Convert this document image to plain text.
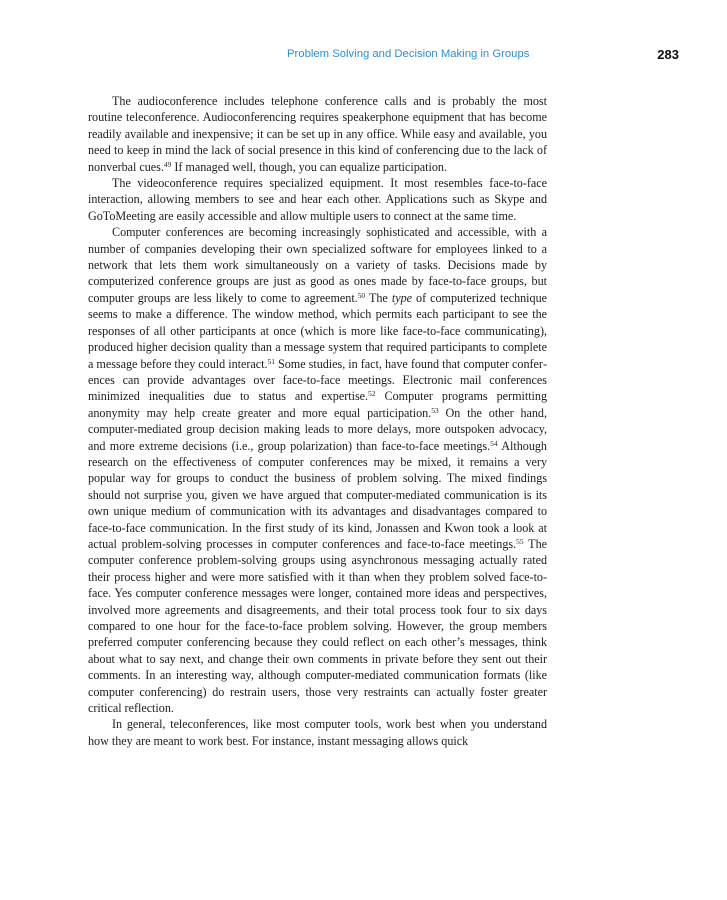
Problem Solving and Decision Making in Groups	283

The audioconference includes telephone conference calls and is probably the most routine teleconference. Audioconferencing requires speakerphone equipment that has become readily available and inexpensive; it can be set up in any office. While easy and available, you need to keep in mind the lack of social presence in this kind of conferencing due to the lack of nonverbal cues.$^{49}$ If managed well, though, you can equalize participation.

The videoconference requires specialized equipment. It most resembles face-to-face interaction, allowing members to see and hear each other. Applications such as Skype and GoToMeeting are easily accessible and allow multiple users to connect at the same time.

Computer conferences are becoming increasingly sophisticated and accessible, with a number of companies developing their own specialized software for employees linked to a network that lets them work simultaneously on a variety of tasks. Decisions made by computerized conference groups are just as good as ones made by face-to-face groups, but computer groups are less likely to come to agreement.$^{50}$ The type of computerized technique seems to make a difference. The window method, which permits each participant to see the responses of all other participants at once (which is more like face-to-face communicating), produced higher decision quality than a message system that required participants to complete a message before they could interact.$^{51}$ Some studies, in fact, have found that computer conferences can provide advantages over face-to-face meetings. Electronic mail conferences minimized inequalities due to status and expertise.$^{52}$ Computer programs permitting anonymity may help create greater and more equal participation.$^{53}$ On the other hand, computer-mediated group decision making leads to more delays, more outspoken advocacy, and more extreme decisions (i.e., group polarization) than face-to-face meetings.$^{54}$ Although research on the effectiveness of computer conferences may be mixed, it remains a very popular way for groups to conduct the business of problem solving. The mixed findings should not surprise you, given we have argued that computer-mediated communication is its own unique medium of communication with its advantages and disadvantages compared to face-to-face communication. In the first study of its kind, Jonassen and Kwon took a look at actual problem-solving processes in computer conferences and face-to-face meetings.$^{55}$ The computer conference problem-solving groups using asynchronous messaging actually rated their process higher and were more satisfied with it than when they problem solved face-to-face. Yes computer conference messages were longer, contained more ideas and perspectives, involved more agreements and disagreements, and their total process took four to six days compared to one hour for the face-to-face problem solving. However, the group members preferred computer conferencing because they could reflect on each other’s messages, think about what to say next, and change their own comments in private before they sent out their comments. In an interesting way, although computer-mediated communication formats (like computer conferencing) do restrain users, those very restraints can actually foster greater critical reflection.

In general, teleconferences, like most computer tools, work best when you understand how they are meant to work best. For instance, instant messaging allows quick
